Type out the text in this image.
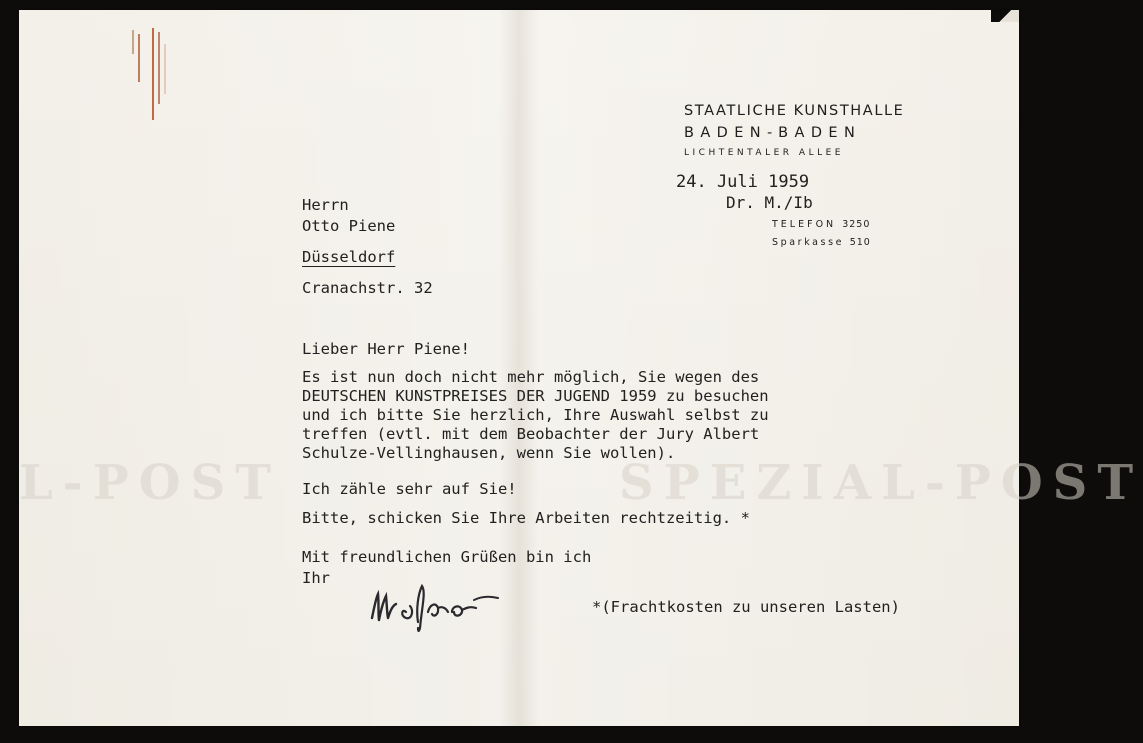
L-POST	SPEZIAL-POST
STAATLICHE KUNSTHALLE
BADEN-BADEN
LICHTENTALER ALLEE
24. Juli 1959
Dr. M./Ib
TELEFON 3250
Sparkasse 510
Herrn
Otto Piene
Düsseldorf
Cranachstr. 32
Lieber Herr Piene!
Es ist nun doch nicht mehr möglich, Sie wegen des
DEUTSCHEN KUNSTPREISES DER JUGEND 1959 zu besuchen
und ich bitte Sie herzlich, Ihre Auswahl selbst zu
treffen (evtl. mit dem Beobachter der Jury Albert
Schulze-Vellinghausen, wenn Sie wollen).
Ich zähle sehr auf Sie!
Bitte, schicken Sie Ihre Arbeiten rechtzeitig. *
Mit freundlichen Grüßen bin ich
Ihr
*(Frachtkosten zu unseren Lasten)
